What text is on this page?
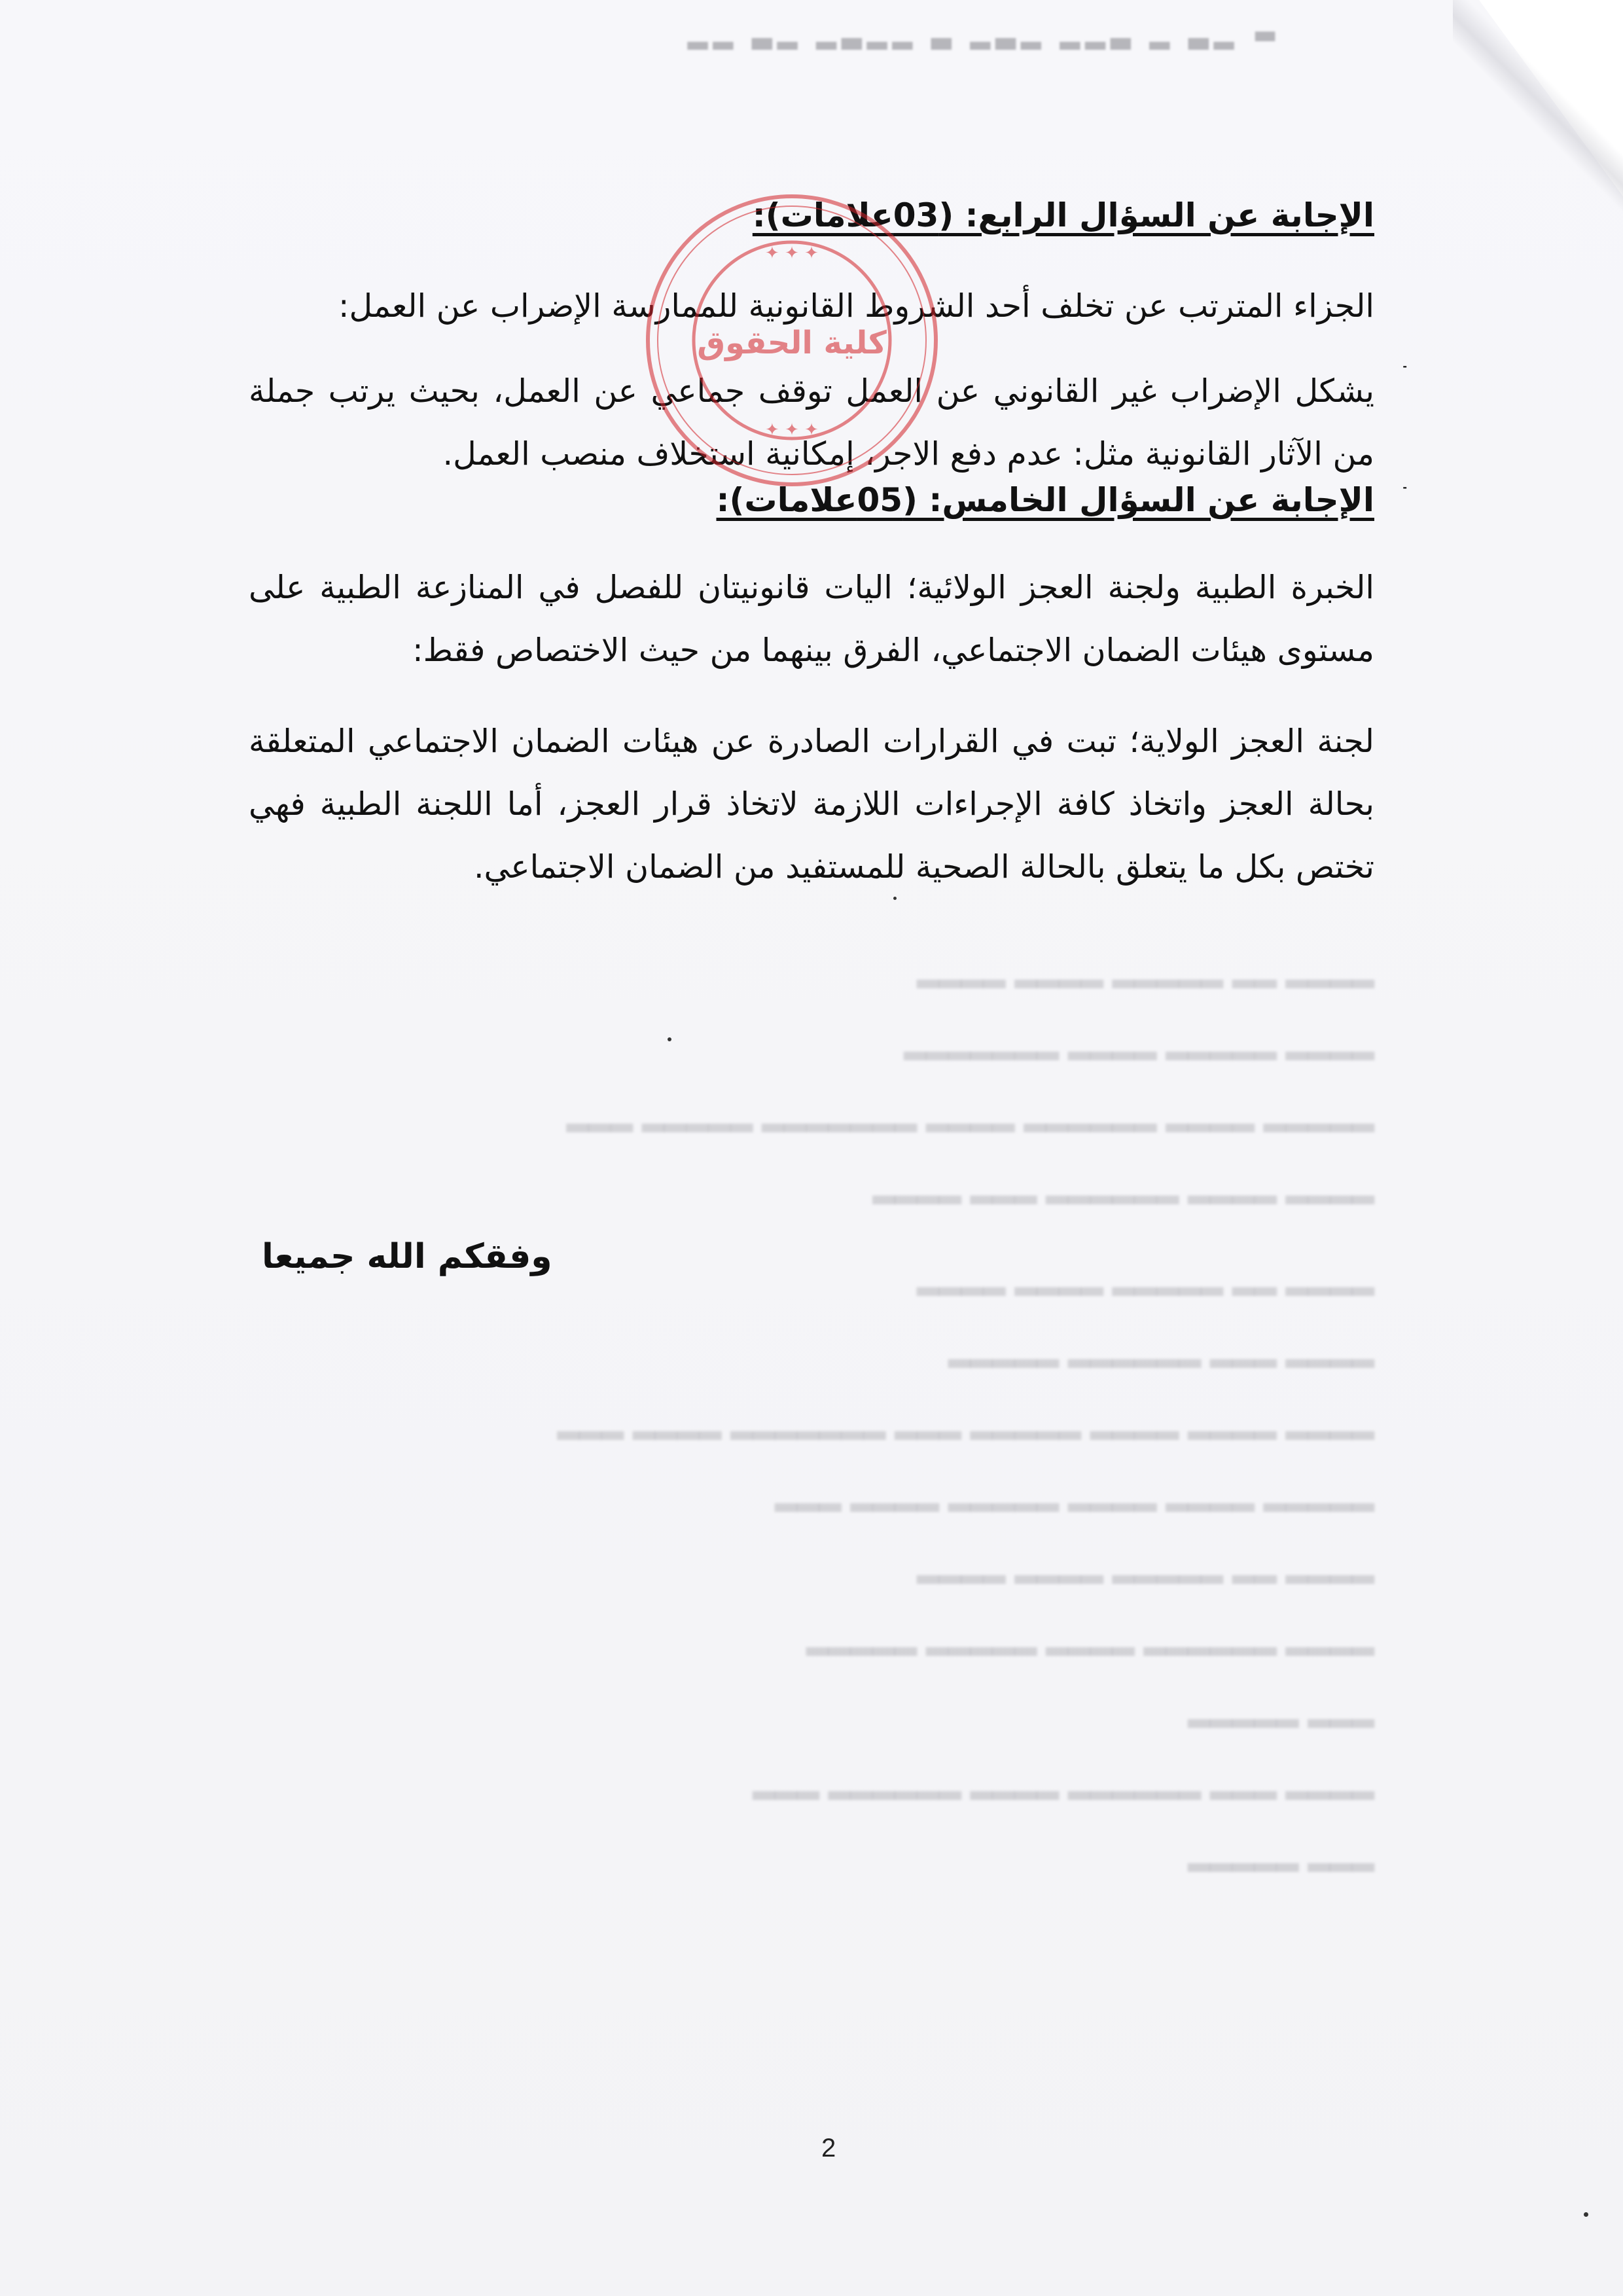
▬ ▂▃ ▂ ▃▂▂ ▂▃▂ ▃ ▂▂▃▂ ▂▃ ▂▂
▂▂▂▂ ▂▂ ▂▂▂▂▂ ▂▂▂▂ ▂▂▂▂
▂▂▂▂ ▂▂▂▂▂ ▂▂▂▂ ▂▂▂▂▂▂▂
▂▂▂▂▂ ▂▂▂▂ ▂▂▂▂▂▂ ▂▂▂▂ ▂▂▂▂▂▂▂ ▂▂▂▂▂ ▂▂▂
▂▂▂▂ ▂▂▂▂ ▂▂▂▂▂▂ ▂▂▂ ▂▂▂▂
▂▂▂▂ ▂▂ ▂▂▂▂▂ ▂▂▂▂ ▂▂▂▂
▂▂▂▂ ▂▂▂ ▂▂▂▂▂▂ ▂▂▂▂▂
▂▂▂▂ ▂▂▂▂ ▂▂▂▂ ▂▂▂▂▂ ▂▂▂ ▂▂▂▂▂▂▂ ▂▂▂▂ ▂▂▂
▂▂▂▂▂ ▂▂▂▂ ▂▂▂▂ ▂▂▂▂▂ ▂▂▂▂ ▂▂▂
▂▂▂▂ ▂▂ ▂▂▂▂▂ ▂▂▂▂ ▂▂▂▂
▂▂▂▂ ▂▂▂▂▂▂ ▂▂▂▂ ▂▂▂▂▂ ▂▂▂▂▂
▂▂▂ ▂▂▂▂▂
▂▂▂▂ ▂▂▂ ▂▂▂▂▂▂ ▂▂▂▂ ▂▂▂▂▂▂ ▂▂▂
▂▂▂ ▂▂▂▂▂

الإجابة عن السؤال الرابع: (03علامات):

الجزاء المترتب عن تخلف أحد الشروط القانونية للممارسة الإضراب عن العمل:

-

يشكل الإضراب غير القانوني عن العمل توقف جماعي عن العمل، بحيث يرتب جملة من الآثار القانونية مثل: عدم دفع الاجر، إمكانية استخلاف منصب العمل.

-

الإجابة عن السؤال الخامس: (05علامات):

الخبرة الطبية ولجنة العجز الولائية؛ اليات قانونيتان للفصل في المنازعة الطبية على مستوى هيئات الضمان الاجتماعي، الفرق بينهما من حيث الاختصاص فقط:

لجنة العجز الولاية؛ تبت في القرارات الصادرة عن هيئات الضمان الاجتماعي المتعلقة بحالة العجز واتخاذ كافة الإجراءات اللازمة لاتخاذ قرار العجز، أما اللجنة الطبية فهي تختص بكل ما يتعلق بالحالة الصحية للمستفيد من الضمان الاجتماعي.

كلية الحقوق
✦ ✦ ✦
✦ ✦ ✦
وفقكم الله جميعا
2
